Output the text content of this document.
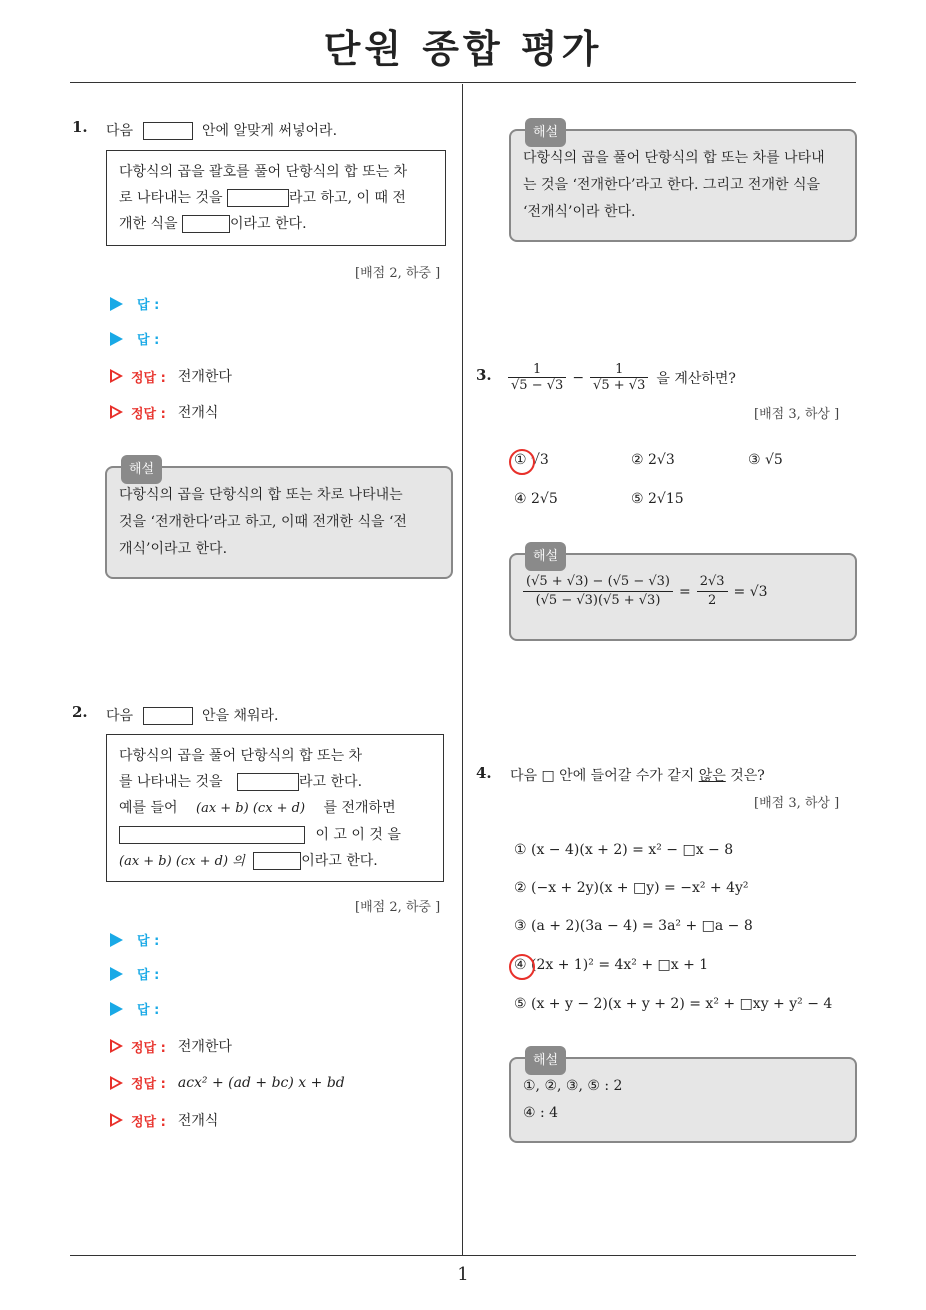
단원 종합 평가
1
1. 다음	안에 알맞게 써넣어라.
다항식의 곱을 괄호를 풀어 단항식의 합 또는 차
로 나타내는 것을	라고 하고, 이 때 전
개한 식을	이라고 한다.
[배점 2, 하중 ]
답 :
답 :
정답 : 전개한다
정답 : 전개식
해설
다항식의 곱을 단항식의 합 또는 차로 나타내는
것을 ‘전개한다’라고 하고, 이때 전개한 식을 ‘전
개식’이라고 한다.
해설
다항식의 곱을 풀어 단항식의 합 또는 차를 나타내
는 것을 ‘전개한다’라고 한다. 그리고 전개한 식을
‘전개식’이라 한다.
2. 다음	안을 채워라.
다항식의 곱을 풀어 단항식의 합 또는 차
를 나타내는 것을	라고 한다.
예를 들어 (ax + b) (cx + d) 를 전개하면
이 고 이 것 을
(ax + b) (cx + d) 의	이라고 한다.
[배점 2, 하중 ]
답 :
답 :
답 :
정답 : 전개한다
정답 : acx² + (ad + bc) x + bd
정답 : 전개식
3. $\frac{1}{√5 - √3} - \frac{1}{√5 + √3}$ 을 계산하면?
[배점 3, 하상 ]
① √3	② 2√3	③ √5
④ 2√5	⑤ 2√15
해설
$\frac{(√5 + √3) - (√5 - √3)}{(√5 - √3)(√5 + √3)} = \frac{2√3}{2} = √3$
4. 다음 □ 안에 들어갈 수가 같지 않은 것은?
[배점 3, 하상 ]
① (x − 4)(x + 2) = x² − □x − 8
② (−x + 2y)(x + □y) = −x² + 4y²
③ (a + 2)(3a − 4) = 3a² + □a − 8
④ (2x + 1)² = 4x² + □x + 1
⑤ (x + y − 2)(x + y + 2) = x² + □xy + y² − 4
해설
①, ②, ③, ⑤ : 2
④ : 4
